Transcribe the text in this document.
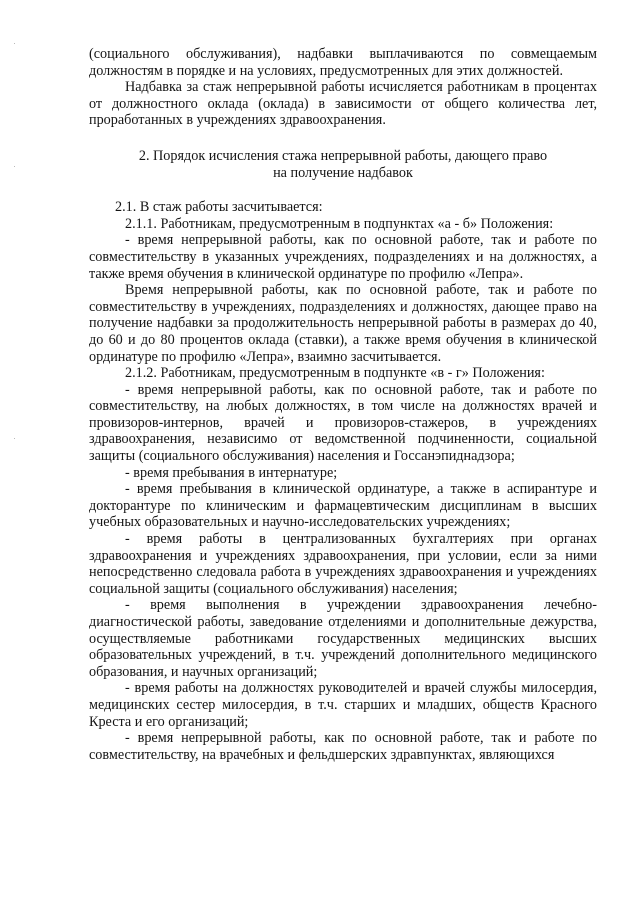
(социального обслуживания), надбавки выплачиваются по совмещаемым должностям в порядке и на условиях, предусмотренных для этих должностей.

Надбавка за стаж непрерывной работы исчисляется работникам в процентах от должностного оклада (оклада) в зависимости от общего количества лет, проработанных в учреждениях здравоохранения.

2. Порядок исчисления стажа непрерывной работы, дающего право
на получение надбавок

2.1. В стаж работы засчитывается:

2.1.1. Работникам, предусмотренным в подпунктах «а - б» Положения:

- время непрерывной работы, как по основной работе, так и работе по совместительству в указанных учреждениях, подразделениях и на должностях, а также время обучения в клинической ординатуре по профилю «Лепра».

Время непрерывной работы, как по основной работе, так и работе по совместительству в учреждениях, подразделениях и должностях, дающее право на получение надбавки за продолжительность непрерывной работы в размерах до 40, до 60 и до 80 процентов оклада (ставки), а также время обучения в клинической ординатуре по профилю «Лепра», взаимно засчитывается.

2.1.2. Работникам, предусмотренным в подпункте «в - г» Положения:

- время непрерывной работы, как по основной работе, так и работе по совместительству, на любых должностях, в том числе на должностях врачей и провизоров-интернов, врачей и провизоров-стажеров, в учреждениях здравоохранения, независимо от ведомственной подчиненности, социальной защиты (социального обслуживания) населения и Госсанэпиднадзора;

- время пребывания в интернатуре;

- время пребывания в клинической ординатуре, а также в аспирантуре и докторантуре по клиническим и фармацевтическим дисциплинам в высших учебных образовательных и научно-исследовательских учреждениях;

- время работы в централизованных бухгалтериях при органах здравоохранения и учреждениях здравоохранения, при условии, если за ними непосредственно следовала работа в учреждениях здравоохранения и учреждениях социальной защиты (социального обслуживания) населения;

- время выполнения в учреждении здравоохранения лечебно-диагностической работы, заведование отделениями и дополнительные дежурства, осуществляемые работниками государственных медицинских высших образовательных учреждений, в т.ч. учреждений дополнительного медицинского образования, и научных организаций;

- время работы на должностях руководителей и врачей службы милосердия, медицинских сестер милосердия, в т.ч. старших и младших, обществ Красного Креста и его организаций;

- время непрерывной работы, как по основной работе, так и работе по совместительству, на врачебных и фельдшерских здравпунктах, являющихся
